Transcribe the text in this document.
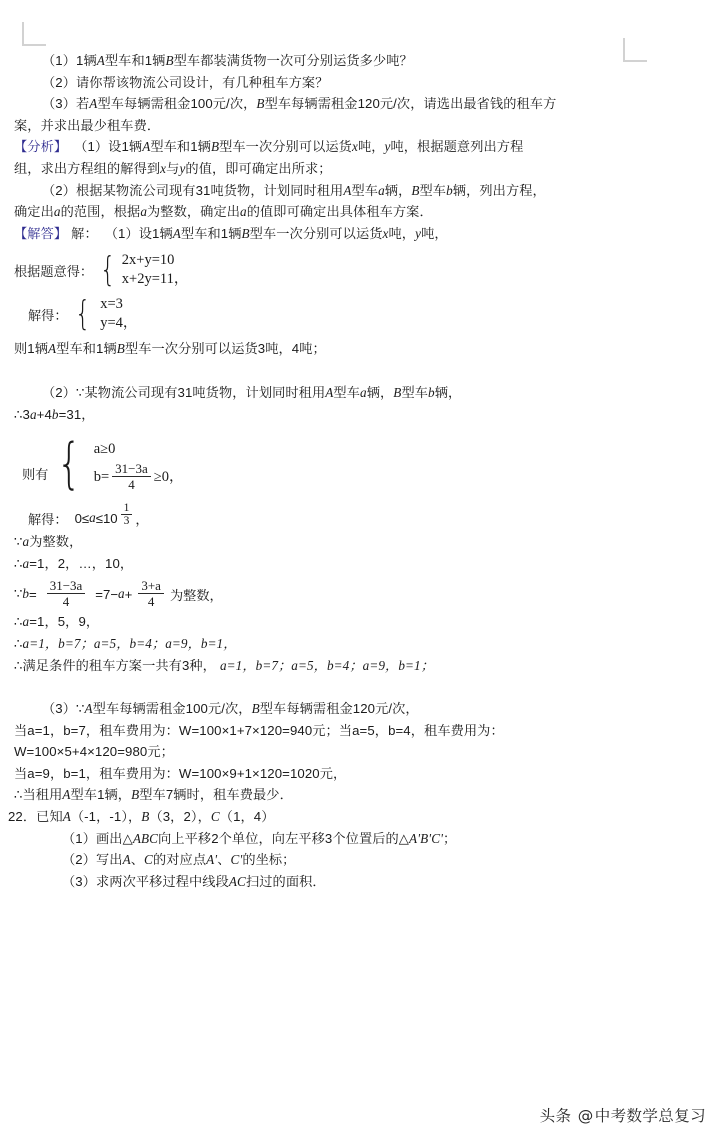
（1）1辆A型车和1辆B型车都装满货物一次可分别运货多少吨？
（2）请你帮该物流公司设计，有几种租车方案？
（3）若A型车每辆需租金100元/次，B型车每辆需租金120元/次，请选出最省钱的租车方
案，并求出最少租车费．
【分析】 （1）设1辆A型车和1辆B型车一次分别可以运货x吨，y吨，根据题意列出方程
组，求出方程组的解得到x与y的值，即可确定出所求；
（2）根据某物流公司现有31吨货物，计划同时租用A型车a辆，B型车b辆，列出方程，
确定出a的范围，根据a为整数，确定出a的值即可确定出具体租车方案．
【解答】 解： （1）设1辆A型车和1辆B型车一次分别可以运货x吨，y吨，
根据题意得： { 2x+y=10
x+2y=11，
解得： { x=3
y=4，
则1辆A型车和1辆B型车一次分别可以运货3吨，4吨；
（2）∵某物流公司现有31吨货物，计划同时租用A型车a辆，B型车b辆，
∴3a+4b=31，
则有 { a≥0
$b= \frac{31-3a}{4} \ge 0$，
解得： $0\le a \le 10 \frac{1}{3}$ ，
∵a为整数，
∴a=1，2，…，10，
∵ $b = \frac{31-3a}{4} =7- a + \frac{3+a}{4}$ 为整数，
∴a=1，5，9，
∴a=1，b=7；a=5，b=4；a=9，b=1，
∴满足条件的租车方案一共有3种， a=1，b=7；a=5，b=4；a=9，b=1；
（3）∵A型车每辆需租金100元/次，B型车每辆需租金120元/次，
当a=1，b=7，租车费用为：W=100×1+7×120=940元；当a=5，b=4，租车费用为：
W=100×5+4×120=980元；
当a=9，b=1，租车费用为：W=100×9+1×120=1020元，
∴当租用A型车1辆，B型车7辆时，租车费最少．
22．已知A（-1，-1），B（3，2），C（1，4）
（1）画出△ABC向上平移2个单位，向左平移3个位置后的△A'B'C'；
（2）写出A、C的对应点A'、C'的坐标；
（3）求两次平移过程中线段AC扫过的面积．
头条 @中考数学总复习
